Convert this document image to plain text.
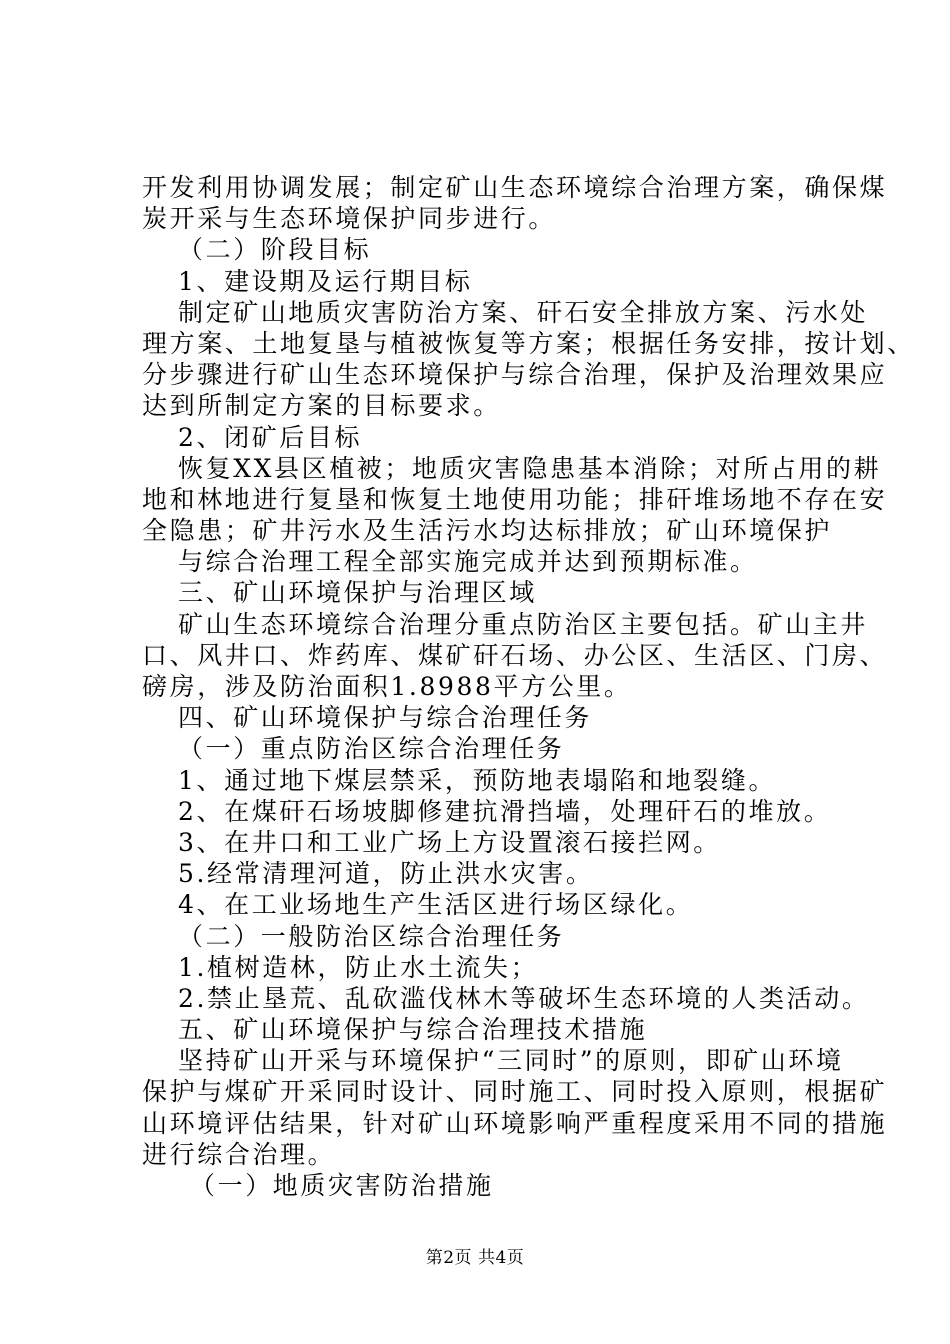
开发利用协调发展；制定矿山生态环境综合治理方案，确保煤
炭开采与生态环境保护同步进行。
（二）阶段目标
1、建设期及运行期目标
制定矿山地质灾害防治方案、矸石安全排放方案、污水处
理方案、土地复垦与植被恢复等方案；根据任务安排，按计划、
分步骤进行矿山生态环境保护与综合治理，保护及治理效果应
达到所制定方案的目标要求。
2、闭矿后目标
恢复XX县区植被；地质灾害隐患基本消除；对所占用的耕
地和林地进行复垦和恢复土地使用功能；排矸堆场地不存在安
全隐患；矿井污水及生活污水均达标排放；矿山环境保护
与综合治理工程全部实施完成并达到预期标准。
三、矿山环境保护与治理区域
矿山生态环境综合治理分重点防治区主要包括。矿山主井
口、风井口、炸药库、煤矿矸石场、办公区、生活区、门房、
磅房，涉及防治面积1.8988平方公里。
四、矿山环境保护与综合治理任务
（一）重点防治区综合治理任务
1、通过地下煤层禁采，预防地表塌陷和地裂缝。
2、在煤矸石场坡脚修建抗滑挡墙，处理矸石的堆放。
3、在井口和工业广场上方设置滚石接拦网。
5.经常清理河道，防止洪水灾害。
4、在工业场地生产生活区进行场区绿化。
（二）一般防治区综合治理任务
1.植树造林，防止水土流失；
2.禁止垦荒、乱砍滥伐林木等破坏生态环境的人类活动。
五、矿山环境保护与综合治理技术措施
坚持矿山开采与环境保护“三同时”的原则，即矿山环境
保护与煤矿开采同时设计、同时施工、同时投入原则，根据矿
山环境评估结果，针对矿山环境影响严重程度采用不同的措施
进行综合治理。
（一）地质灾害防治措施
第2页 共4页
